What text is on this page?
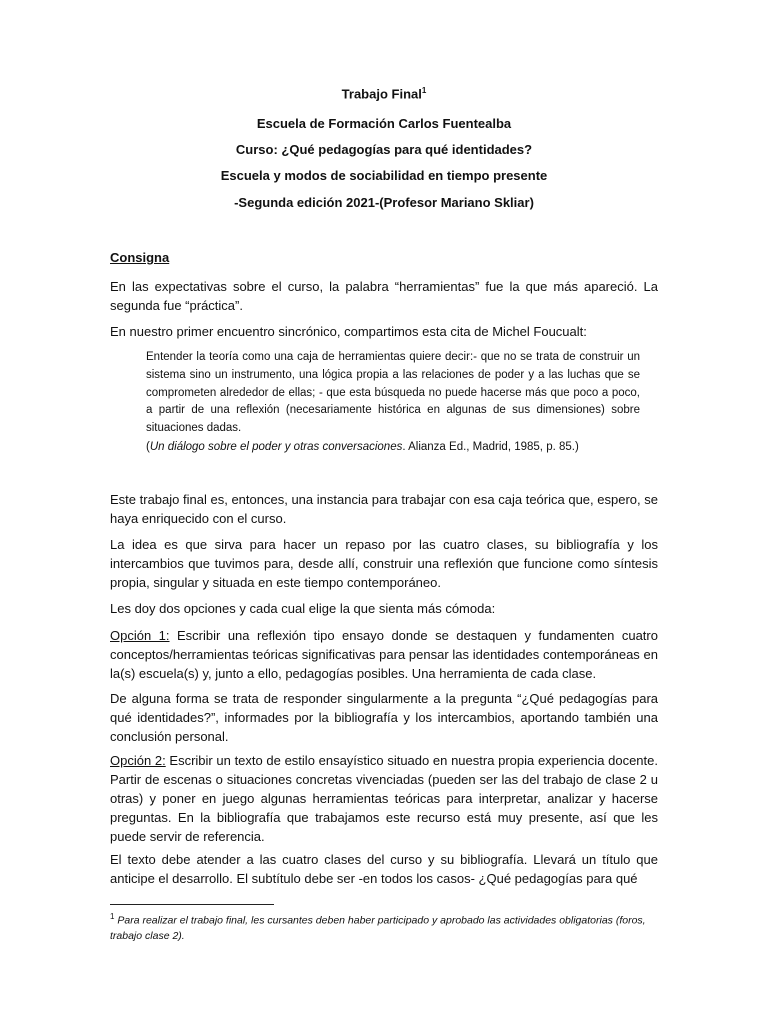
Trabajo Final$^1$
Escuela de Formación Carlos Fuentealba
Curso: ¿Qué pedagogías para qué identidades?
Escuela y modos de sociabilidad en tiempo presente
-Segunda edición 2021-(Profesor Mariano Skliar)
Consigna

En las expectativas sobre el curso, la palabra “herramientas” fue la que más apareció. La segunda fue “práctica”.

En nuestro primer encuentro sincrónico, compartimos esta cita de Michel Foucualt:

Entender la teoría como una caja de herramientas quiere decir:- que no se trata de construir un sistema sino un instrumento, una lógica propia a las relaciones de poder y a las luchas que se comprometen alrededor de ellas; - que esta búsqueda no puede hacerse más que poco a poco, a partir de una reflexión (necesariamente histórica en algunas de sus dimensiones) sobre situaciones dadas.

(Un diálogo sobre el poder y otras conversaciones. Alianza Ed., Madrid, 1985, p. 85.)

Este trabajo final es, entonces, una instancia para trabajar con esa caja teórica que, espero, se haya enriquecido con el curso.

La idea es que sirva para hacer un repaso por las cuatro clases, su bibliografía y los intercambios que tuvimos para, desde allí, construir una reflexión que funcione como síntesis propia, singular y situada en este tiempo contemporáneo.

Les doy dos opciones y cada cual elige la que sienta más cómoda:

Opción 1: Escribir una reflexión tipo ensayo donde se destaquen y fundamenten cuatro conceptos/herramientas teóricas significativas para pensar las identidades contemporáneas en la(s) escuela(s) y, junto a ello, pedagogías posibles. Una herramienta de cada clase.

De alguna forma se trata de responder singularmente a la pregunta “¿Qué pedagogías para qué identidades?”, informades por la bibliografía y los intercambios, aportando también una conclusión personal.

Opción 2: Escribir un texto de estilo ensayístico situado en nuestra propia experiencia docente. Partir de escenas o situaciones concretas vivenciadas (pueden ser las del trabajo de clase 2 u otras) y poner en juego algunas herramientas teóricas para interpretar, analizar y hacerse preguntas. En la bibliografía que trabajamos este recurso está muy presente, así que les puede servir de referencia.

El texto debe atender a las cuatro clases del curso y su bibliografía. Llevará un título que anticipe el desarrollo. El subtítulo debe ser -en todos los casos- ¿Qué pedagogías para qué

$^1$ Para realizar el trabajo final, les cursantes deben haber participado y aprobado las actividades obligatorias (foros, trabajo clase 2).
